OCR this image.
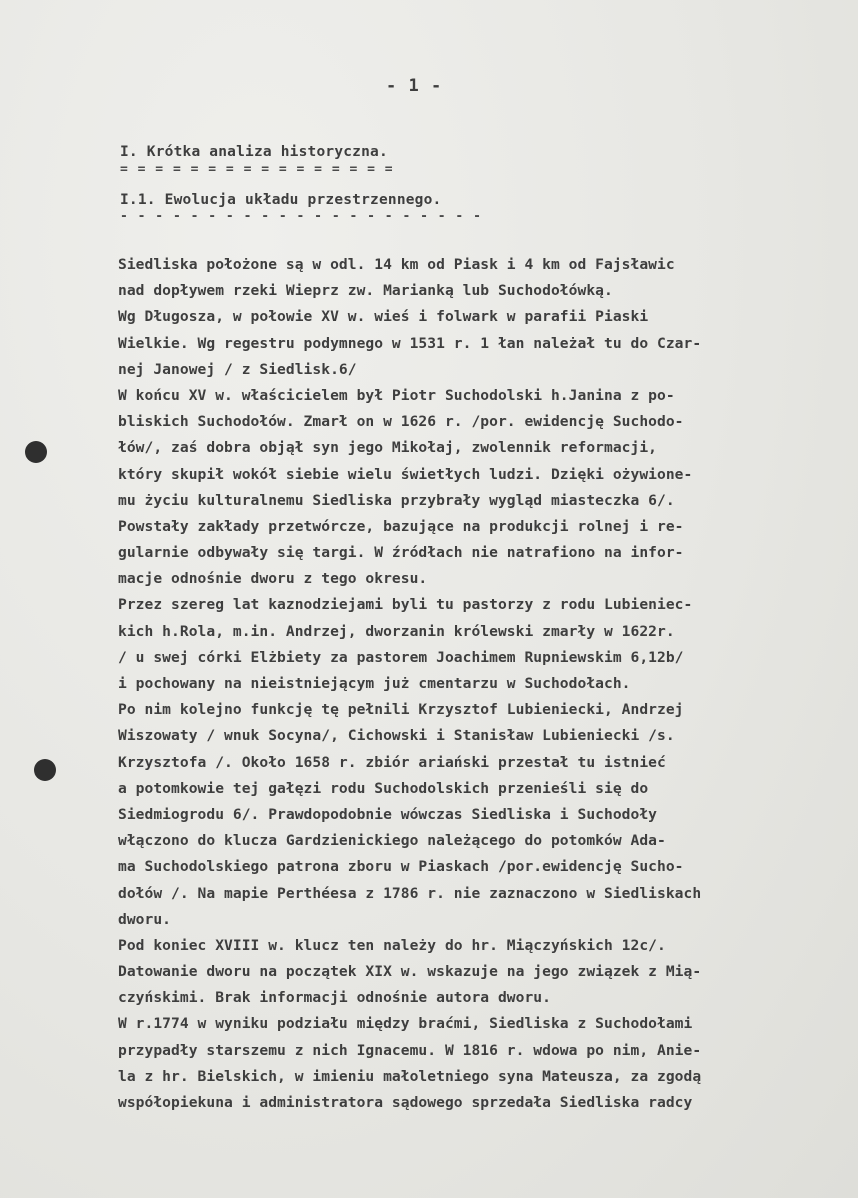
- 1 -
I. Krótka analiza historyczna.
= = = = = = = = = = = = = = = =
I.1. Ewolucja układu przestrzennego.
- - - - - - - - - - - - - - - - - - - - -
Siedliska położone są w odl. 14 km od Piask i 4 km od Fajsławic
nad dopływem rzeki Wieprz zw. Marianką lub Suchodołówką.
Wg Długosza, w połowie XV w. wieś i folwark w parafii Piaski
Wielkie. Wg regestru podymnego w 1531 r. 1 łan należał tu do Czar-
nej Janowej / z Siedlisk.6/
W końcu XV w. właścicielem był Piotr Suchodolski h.Janina z po-
bliskich Suchodołów. Zmarł on w 1626 r. /por. ewidencję Suchodo-
łów/, zaś dobra objął syn jego Mikołaj, zwolennik reformacji,
który skupił wokół siebie wielu świetłych ludzi. Dzięki ożywione-
mu życiu kulturalnemu Siedliska przybrały wygląd miasteczka 6/.
Powstały zakłady przetwórcze, bazujące na produkcji rolnej i re-
gularnie odbywały się targi. W źródłach nie natrafiono na infor-
macje odnośnie dworu z tego okresu.
Przez szereg lat kaznodziejami byli tu pastorzy z rodu Lubieniec-
kich h.Rola, m.in. Andrzej, dworzanin królewski zmarły w 1622r.
/ u swej córki Elżbiety za pastorem Joachimem Rupniewskim 6,12b/
i pochowany na nieistniejącym już cmentarzu w Suchodołach.
Po nim kolejno funkcję tę pełnili Krzysztof Lubieniecki, Andrzej
Wiszowaty / wnuk Socyna/, Cichowski i Stanisław Lubieniecki /s.
Krzysztofa /. Około 1658 r. zbiór ariański przestał tu istnieć
a potomkowie tej gałęzi rodu Suchodolskich przenieśli się do
Siedmiogrodu 6/. Prawdopodobnie wówczas Siedliska i Suchodoły
włączono do klucza Gardzienickiego należącego do potomków Ada-
ma Suchodolskiego patrona zboru w Piaskach /por.ewidencję Sucho-
dołów /. Na mapie Perthéesa z 1786 r. nie zaznaczono w Siedliskach
dworu.
Pod koniec XVIII w. klucz ten należy do hr. Miączyńskich 12c/.
Datowanie dworu na początek XIX w. wskazuje na jego związek z Mią-
czyńskimi. Brak informacji odnośnie autora dworu.
W r.1774 w wyniku podziału między braćmi, Siedliska z Suchodołami
przypadły starszemu z nich Ignacemu. W 1816 r. wdowa po nim, Anie-
la z hr. Bielskich, w imieniu małoletniego syna Mateusza, za zgodą
współopiekuna i administratora sądowego sprzedała Siedliska radcy
